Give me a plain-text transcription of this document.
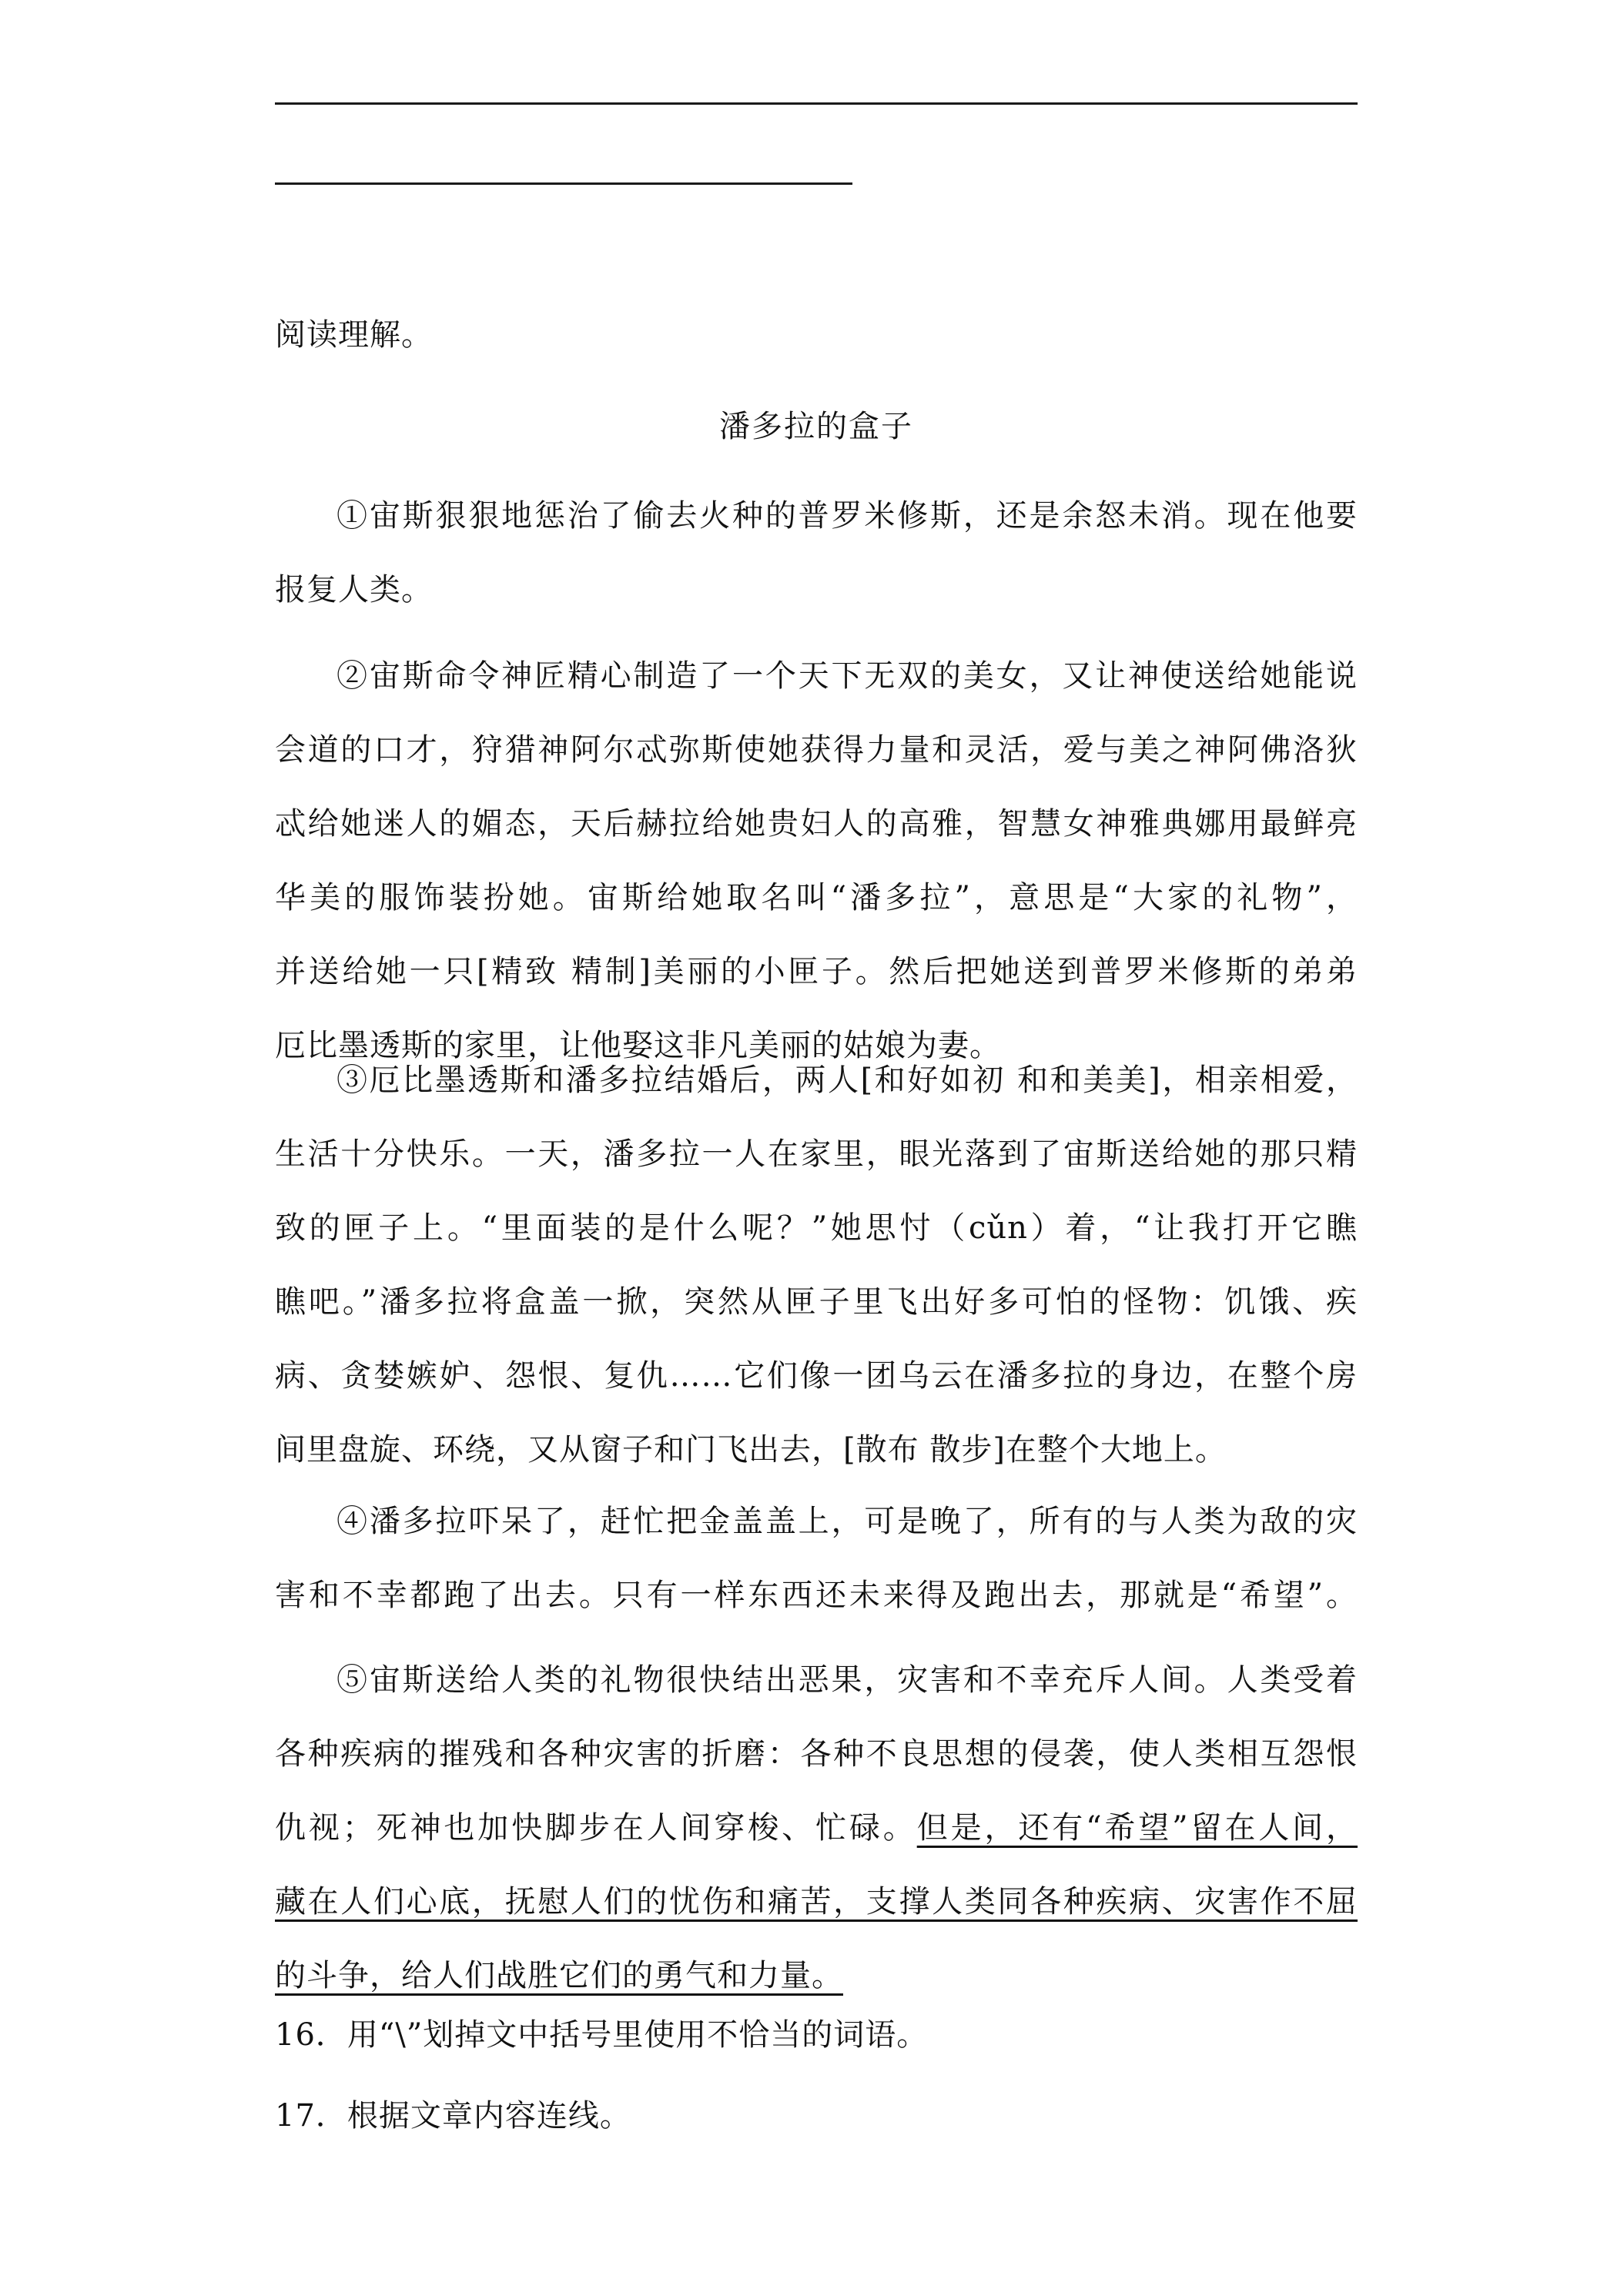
阅读理解。
潘多拉的盒子
①宙斯狠狠地惩治了偷去火种的普罗米修斯，还是余怒未消。现在他要
报复人类。
②宙斯命令神匠精心制造了一个天下无双的美女，又让神使送给她能说
会道的口才，狩猎神阿尔忒弥斯使她获得力量和灵活，爱与美之神阿佛洛狄
忒给她迷人的媚态，天后赫拉给她贵妇人的高雅，智慧女神雅典娜用最鲜亮
华美的服饰装扮她。宙斯给她取名叫“潘多拉”，意思是“大家的礼物”，
并送给她一只[精致 精制]美丽的小匣子。然后把她送到普罗米修斯的弟弟
厄比墨透斯的家里，让他娶这非凡美丽的姑娘为妻。
③厄比墨透斯和潘多拉结婚后，两人[和好如初 和和美美]，相亲相爱，
生活十分快乐。一天，潘多拉一人在家里，眼光落到了宙斯送给她的那只精
致的匣子上。“里面装的是什么呢？”她思忖（cǔn）着，“让我打开它瞧
瞧吧。”潘多拉将盒盖一掀，突然从匣子里飞出好多可怕的怪物：饥饿、疾
病、贪婪嫉妒、怨恨、复仇……它们像一团乌云在潘多拉的身边，在整个房
间里盘旋、环绕，又从窗子和门飞出去，[散布 散步]在整个大地上。
④潘多拉吓呆了，赶忙把金盖盖上，可是晚了，所有的与人类为敌的灾
害和不幸都跑了出去。只有一样东西还未来得及跑出去，那就是“希望”。
⑤宙斯送给人类的礼物很快结出恶果，灾害和不幸充斥人间。人类受着
各种疾病的摧残和各种灾害的折磨：各种不良思想的侵袭，使人类相互怨恨
仇视；死神也加快脚步在人间穿梭、忙碌。但是，还有“希望”留在人间，
藏在人们心底，抚慰人们的忧伤和痛苦，支撑人类同各种疾病、灾害作不屈
的斗争，给人们战胜它们的勇气和力量。
16．用“\”划掉文中括号里使用不恰当的词语。
17．根据文章内容连线。
